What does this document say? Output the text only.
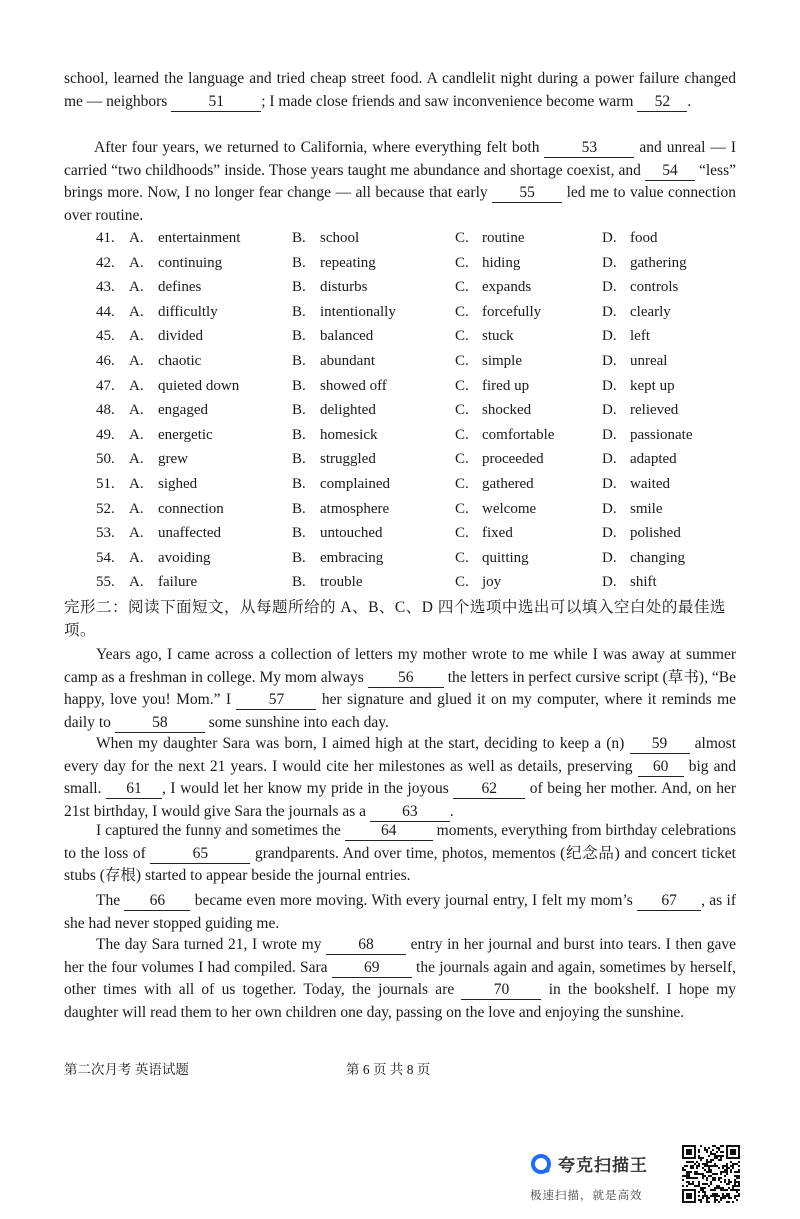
school, learned the language and tried cheap street food. A candlelit night during a power failure changed me — neighbors 51 ; I made close friends and saw inconvenience become warm 52 .
After four years, we returned to California, where everything felt both 53 and unreal — I carried “two childhoods” inside. Those years taught me abundance and shortage coexist, and 54 “less” brings more. Now, I no longer fear change — all because that early 55 led me to value connection over routine.
41. A. entertainment	B. school	C. routine	D. food
42. A. continuing	B. repeating	C. hiding	D. gathering
43. A. defines	B. disturbs	C. expands	D. controls
44. A. difficultly	B. intentionally	C. forcefully	D. clearly
45. A. divided	B. balanced	C. stuck	D. left
46. A. chaotic	B. abundant	C. simple	D. unreal
47. A. quieted down	B. showed off	C. fired up	D. kept up
48. A. engaged	B. delighted	C. shocked	D. relieved
49. A. energetic	B. homesick	C. comfortable	D. passionate
50. A. grew	B. struggled	C. proceeded	D. adapted
51. A. sighed	B. complained	C. gathered	D. waited
52. A. connection	B. atmosphere	C. welcome	D. smile
53. A. unaffected	B. untouched	C. fixed	D. polished
54. A. avoiding	B. embracing	C. quitting	D. changing
55. A. failure	B. trouble	C. joy	D. shift
完形二：阅读下面短文，从每题所给的 A、B、C、D 四个选项中选出可以填入空白处的最佳选项。
Years ago, I came across a collection of letters my mother wrote to me while I was away at summer camp as a freshman in college. My mom always 56 the letters in perfect cursive script (草书), “Be happy, love you! Mom.” I 57 her signature and glued it on my computer, where it reminds me daily to 58 some sunshine into each day.
When my daughter Sara was born, I aimed high at the start, deciding to keep a (n) 59 almost every day for the next 21 years. I would cite her milestones as well as details, preserving 60 big and small. 61 , I would let her know my pride in the joyous 62 of being her mother. And, on her 21st birthday, I would give Sara the journals as a 63 .
I captured the funny and sometimes the 64 moments, everything from birthday celebrations to the loss of	65	grandparents. And over time, photos, mementos (纪念品) and concert ticket stubs (存根) started to appear beside the journal entries.
The 66 became even more moving. With every journal entry, I felt my mom’s 67 , as if she had never stopped guiding me.
The day Sara turned 21, I wrote my 68 entry in her journal and burst into tears. I then gave her the four volumes I had compiled. Sara 69 the journals again and again, sometimes by herself, other times with all of us together. Today, the journals are 70 in the bookshelf. I hope my daughter will read them to her own children one day, passing on the love and enjoying the sunshine.
第二次月考 英语试题	第 6 页 共 8 页
夸克扫描王
极速扫描，就是高效
